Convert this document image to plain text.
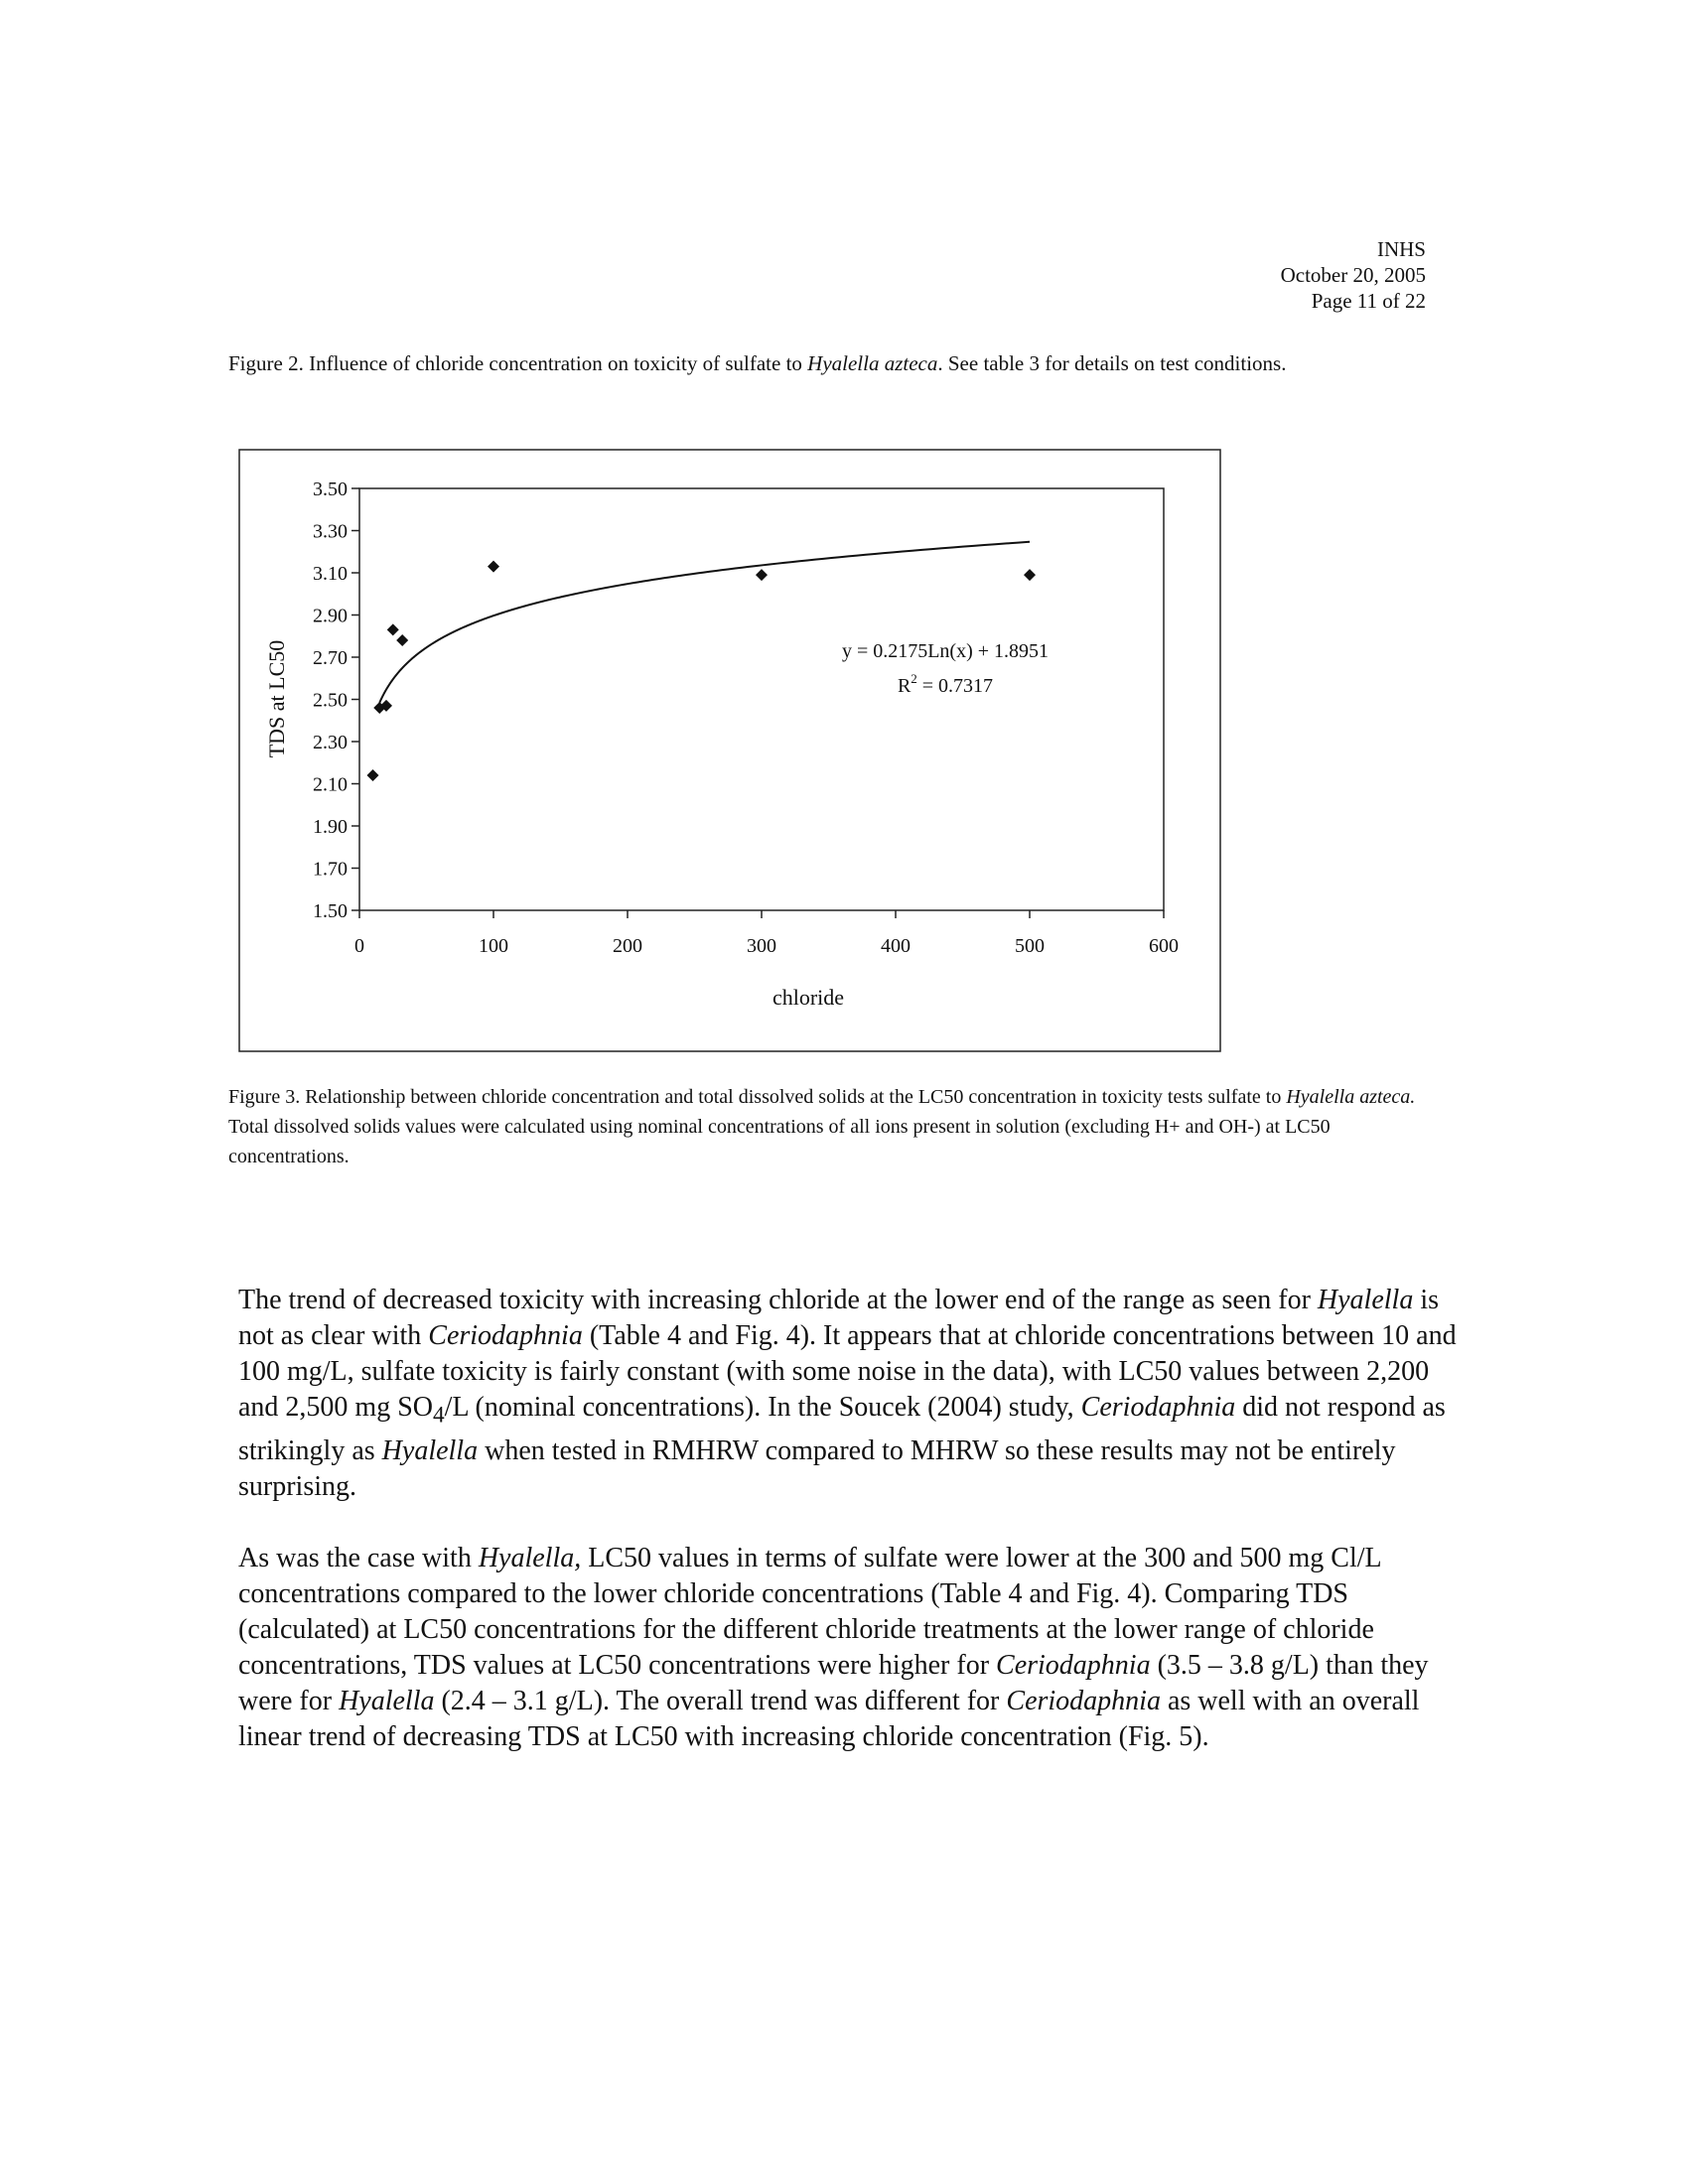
INHS
October 20, 2005
Page 11 of 22
Figure 2. Influence of chloride concentration on toxicity of sulfate to Hyalella azteca. See table 3 for details on test conditions.
1.50
1.70
1.90
2.10
2.30
2.50
2.70
2.90
3.10
3.30
3.50
0	100	200	300	400	500	600
TDS at LC50
chloride
y = 0.2175Ln(x) + 1.8951
$R^2 = 0.7317$
Figure 3. Relationship between chloride concentration and total dissolved solids at the LC50 concentration in toxicity tests sulfate to Hyalella azteca. Total dissolved solids values were calculated using nominal concentrations of all ions present in solution (excluding H+ and OH-) at LC50 concentrations.

The trend of decreased toxicity with increasing chloride at the lower end of the range as seen for Hyalella is not as clear with Ceriodaphnia (Table 4 and Fig. 4). It appears that at chloride concentrations between 10 and 100 mg/L, sulfate toxicity is fairly constant (with some noise in the data), with LC50 values between 2,200 and 2,500 mg $SO_4/L$ (nominal concentrations). In the Soucek (2004) study, Ceriodaphnia did not respond as strikingly as Hyalella when tested in RMHRW compared to MHRW so these results may not be entirely surprising.

As was the case with Hyalella, LC50 values in terms of sulfate were lower at the 300 and 500 mg Cl/L concentrations compared to the lower chloride concentrations (Table 4 and Fig. 4). Comparing TDS (calculated) at LC50 concentrations for the different chloride treatments at the lower range of chloride concentrations, TDS values at LC50 concentrations were higher for Ceriodaphnia (3.5 – 3.8 g/L) than they were for Hyalella (2.4 – 3.1 g/L). The overall trend was different for Ceriodaphnia as well with an overall linear trend of decreasing TDS at LC50 with increasing chloride concentration (Fig. 5).
